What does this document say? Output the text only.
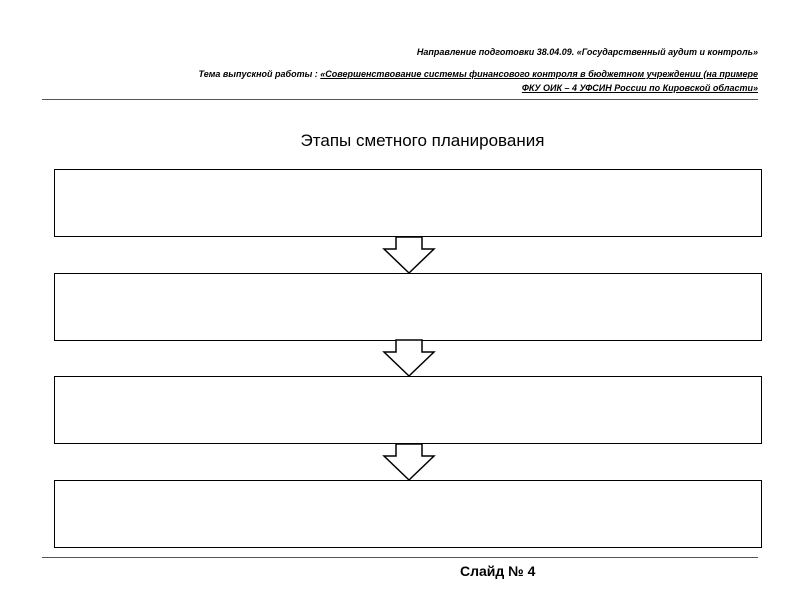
Направление подготовки 38.04.09. «Государственный аудит и контроль»
Тема выпускной работы : «Совершенствование системы финансового контроля в бюджетном учреждении (на примере
ФКУ ОИК – 4 УФСИН России по Кировской области»
Этапы сметного планирования
Слайд № 4
